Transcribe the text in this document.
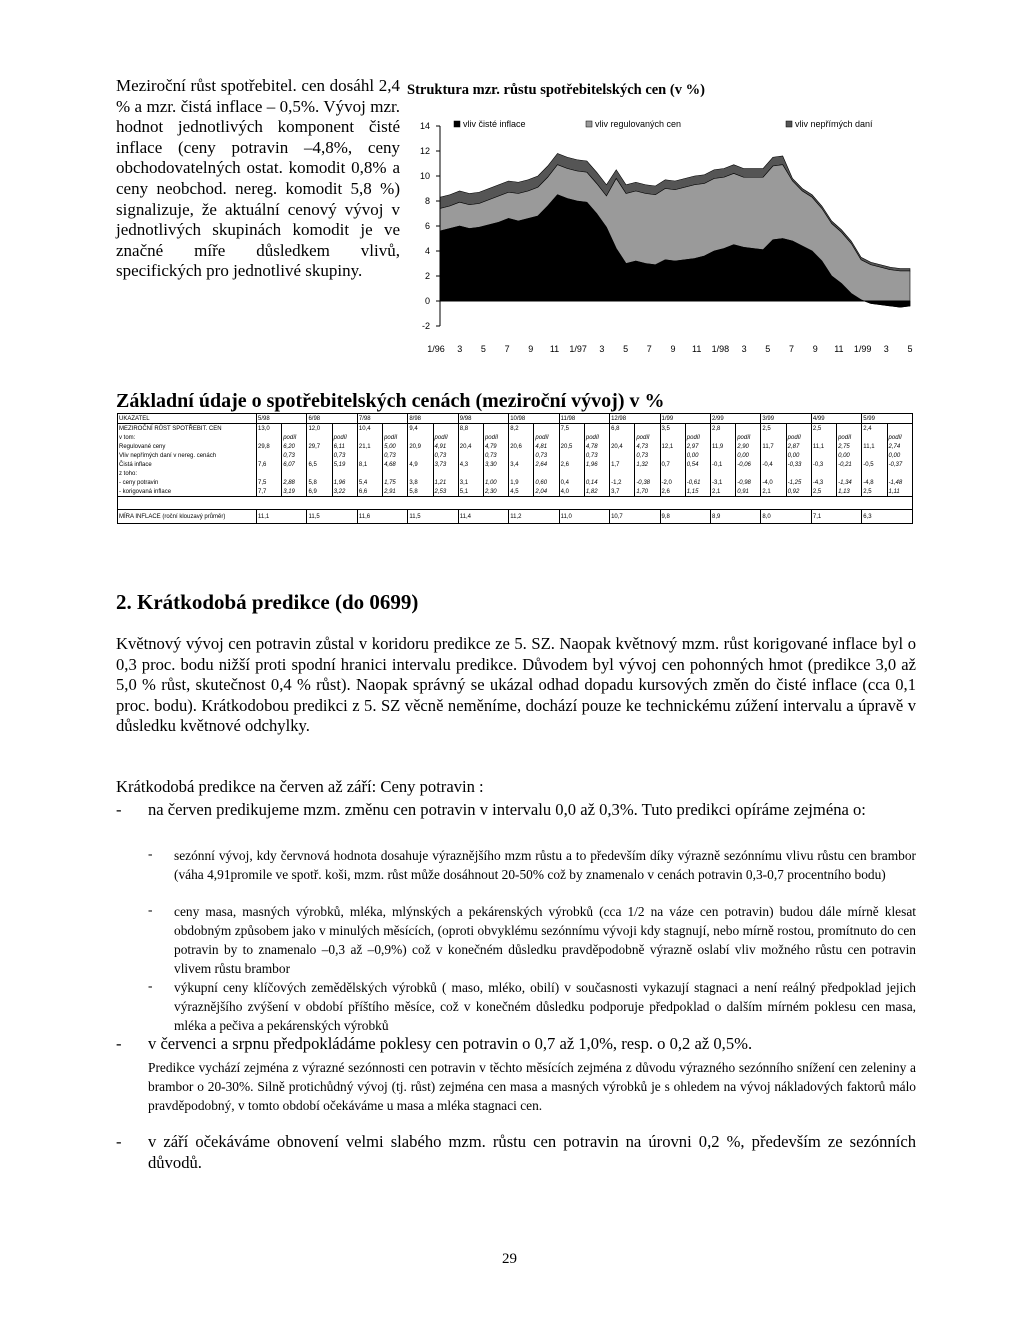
Meziroční růst spotřebitel. cen dosáhl 2,4 % a mzr. čistá inflace – 0,5%. Vývoj mzr. hodnot jednotlivých komponent čisté inflace (ceny potravin –4,8%, ceny obchodovatelných ostat. komodit 0,8% a ceny neobchod. nereg. komodit 5,8 %) signalizuje, že aktuální cenový vývoj v jednotlivých skupinách komodit je ve značné míře důsledkem vlivů, specifických pro jednotlivé skupiny.
Struktura mzr. růstu spotřebitelských cen (v %)
14
12
10
8
6
4
2
0
-2
1/96 3 5 7 9 11 1/97 3 5 7 9 11 1/98 3 5 7 9 11 1/99 3 5
vliv čisté inflace	vliv regulovaných cen	vliv nepřímých daní
Základní údaje o spotřebitelských cenách (meziroční vývoj) v %
UKAZATEL	5/98		6/98		7/98		8/98		9/98		10/98		11/98		12/98		1/99		2/99		3/99		4/99		5/99	
MEZIROČNÍ RŮST SPOTŘEBIT. CEN	13,0		12,0		10,4		9,4		8,8		8,2		7,5		6,8		3,5		2,8		2,5		2,5		2,4	
v tom:		podíl		podíl		podíl		podíl		podíl		podíl		podíl		podíl		podíl		podíl		podíl		podíl		podíl
Regulované ceny	29,8	6,20	29,7	6,11	21,1	5,00	20,9	4,91	20,4	4,79	20,6	4,81	20,5	4,78	20,4	4,73	12,1	2,97	11,9	2,90	11,7	2,87	11,1	2,75	11,1	2,74
Vliv nepřímých daní v nereg. cenách		0,73		0,73		0,73		0,73		0,73		0,73		0,73		0,73		0,00		0,00		0,00		0,00		0,00
Čistá inflace	7,6	6,07	6,5	5,19	8,1	4,68	4,9	3,73	4,3	3,30	3,4	2,64	2,6	1,96	1,7	1,32	0,7	0,54	-0,1	-0,06	-0,4	-0,33	-0,3	-0,21	-0,5	-0,37
z toho:																										
- ceny potravin	7,5	2,88	5,8	1,96	5,4	1,75	3,8	1,21	3,1	1,00	1,9	0,60	0,4	0,14	-1,2	-0,38	-2,0	-0,61	-3,1	-0,98	-4,0	-1,25	-4,3	-1,34	-4,8	-1,48
- korigovaná inflace	7,7	3,19	6,9	3,22	6,6	2,91	5,8	2,53	5,1	2,30	4,5	2,04	4,0	1,82	3,7	1,70	2,6	1,15	2,1	0,91	2,1	0,92	2,5	1,13	2,5	1,11

MÍRA INFLACE (roční klouzavý průměr)	11,1		11,5		11,6		11,5		11,4		11,2		11,0		10,7		9,8		8,9		8,0		7,1		6,3	
2. Krátkodobá predikce (do 0699)
Květnový vývoj cen potravin zůstal v koridoru predikce ze 5. SZ. Naopak květnový mzm. růst korigované inflace byl o 0,3 proc. bodu nižší proti spodní hranici intervalu predikce. Důvodem byl vývoj cen pohonných hmot (predikce 3,0 až 5,0 % růst, skutečnost 0,4 % růst). Naopak správný se ukázal odhad dopadu kursových změn do čisté inflace (cca 0,1 proc. bodu). Krátkodobou predikci z 5. SZ věcně neměníme, dochází pouze ke technickému zúžení intervalu a úpravě v důsledku květnové odchylky.
Krátkodobá predikce na červen až září: Ceny potravin :
- na červen predikujeme mzm. změnu cen potravin v intervalu 0,0 až 0,3%. Tuto predikci opíráme zejména o:
- sezónní vývoj, kdy červnová hodnota dosahuje výraznějšího mzm růstu a to především díky výrazně sezónnímu vlivu růstu cen brambor (váha 4,91promile ve spotř. koši, mzm. růst může dosáhnout 20-50% což by znamenalo v cenách potravin 0,3-0,7 procentního bodu)
- ceny masa, masných výrobků, mléka, mlýnských a pekárenských výrobků (cca 1/2 na váze cen potravin) budou dále mírně klesat obdobným způsobem jako v minulých měsících, (oproti obvyklému sezónnímu vývoji kdy stagnují, nebo mírně rostou, promítnuto do cen potravin by to znamenalo –0,3 až –0,9%) což v konečném důsledku pravděpodobně výrazně oslabí vliv možného růstu cen potravin vlivem růstu brambor
- výkupní ceny klíčových zemědělských výrobků ( maso, mléko, obilí) v současnosti vykazují stagnaci a není reálný předpoklad jejich výraznějšího zvýšení v období příštího měsíce, což v konečném důsledku podporuje předpoklad o dalším mírném poklesu cen masa, mléka a pečiva a pekárenských výrobků
- v červenci a srpnu předpokládáme poklesy cen potravin o 0,7 až 1,0%, resp. o 0,2 až 0,5%.
Predikce vychází zejména z výrazné sezónnosti cen potravin v těchto měsících zejména z důvodu výrazného sezónního snížení cen zeleniny a brambor o 20-30%. Silně protichůdný vývoj (tj. růst) zejména cen masa a masných výrobků je s ohledem na vývoj nákladových faktorů málo pravděpodobný, v tomto období očekáváme u masa a mléka stagnaci cen.
- v září očekáváme obnovení velmi slabého mzm. růstu cen potravin na úrovni 0,2 %, především ze sezónních důvodů.
29
